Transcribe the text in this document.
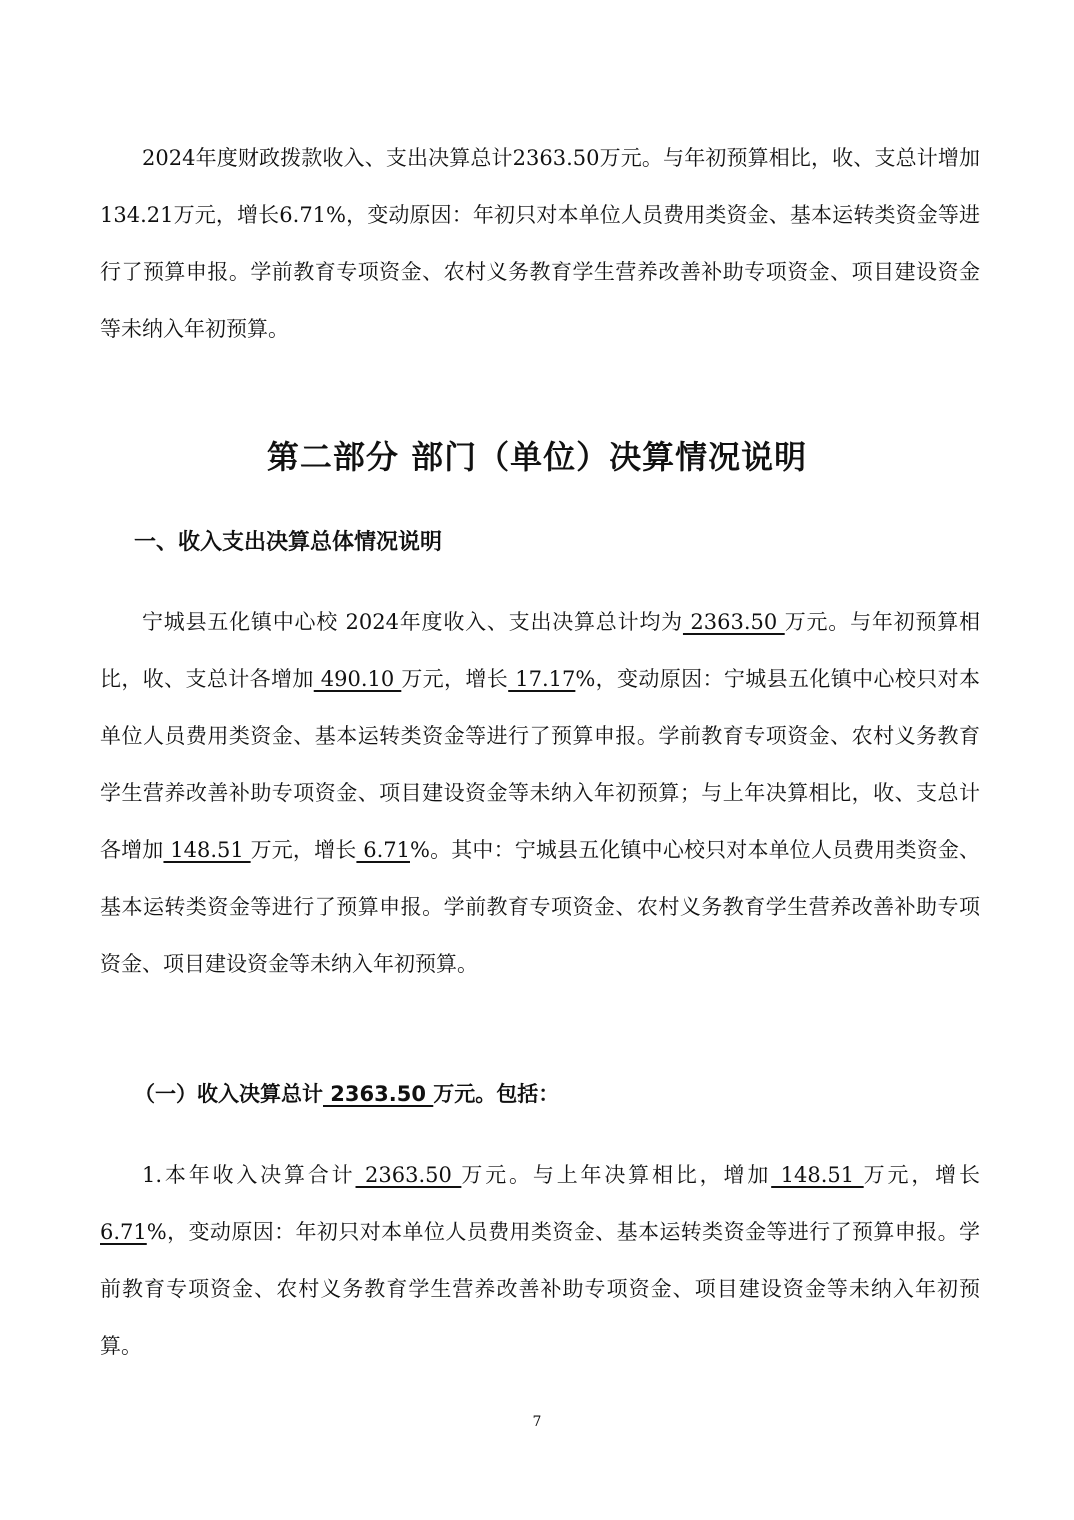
2024年度财政拨款收入、支出决算总计2363.50万元。与年初预算相比，收、支总计增加134.21万元，增长6.71%，变动原因：年初只对本单位人员费用类资金、基本运转类资金等进行了预算申报。学前教育专项资金、农村义务教育学生营养改善补助专项资金、项目建设资金等未纳入年初预算。

第二部分 部门（单位）决算情况说明
一、收入支出决算总体情况说明

宁城县五化镇中心校 2024年度收入、支出决算总计均为 2363.50 万元。与年初预算相比，收、支总计各增加 490.10 万元，增长 17.17%，变动原因：宁城县五化镇中心校只对本单位人员费用类资金、基本运转类资金等进行了预算申报。学前教育专项资金、农村义务教育学生营养改善补助专项资金、项目建设资金等未纳入年初预算；与上年决算相比，收、支总计各增加 148.51 万元，增长 6.71%。其中：宁城县五化镇中心校只对本单位人员费用类资金、基本运转类资金等进行了预算申报。学前教育专项资金、农村义务教育学生营养改善补助专项资金、项目建设资金等未纳入年初预算。

（一）收入决算总计 2363.50 万元。包括：

1.本年收入决算合计 2363.50 万元。与上年决算相比，增加 148.51 万元，增长 6.71%，变动原因：年初只对本单位人员费用类资金、基本运转类资金等进行了预算申报。学前教育专项资金、农村义务教育学生营养改善补助专项资金、项目建设资金等未纳入年初预算。

7
